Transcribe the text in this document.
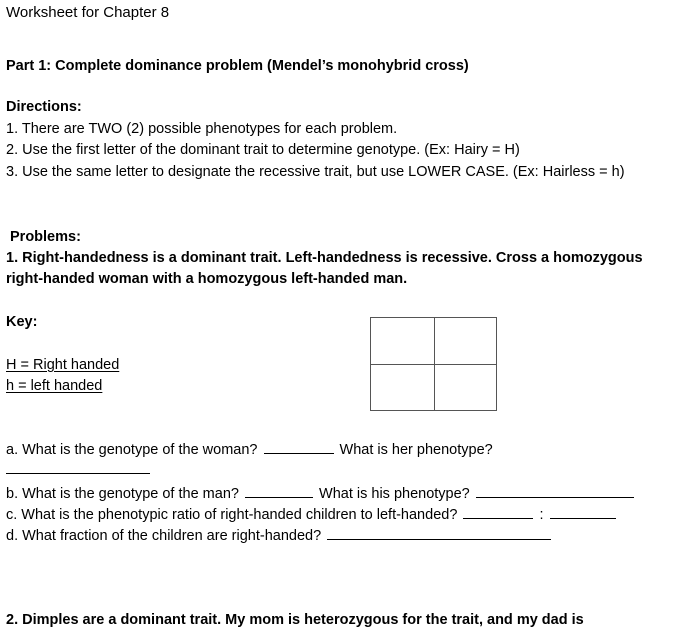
Worksheet for Chapter 8
Part 1: Complete dominance problem (Mendel’s monohybrid cross)
Directions:
1. There are TWO (2) possible phenotypes for each problem.
2. Use the first letter of the dominant trait to determine genotype. (Ex: Hairy = H)
3. Use the same letter to designate the recessive trait, but use LOWER CASE. (Ex: Hairless = h)
Problems:
1. Right-handedness is a dominant trait. Left-handedness is recessive. Cross a homozygous
right-handed woman with a homozygous left-handed man.
Key:
H = Right handed
h = left handed
a. What is the genotype of the woman?	What is her phenotype?
b. What is the genotype of the man?	What is his phenotype?
c. What is the phenotypic ratio of right-handed children to left-handed?	:
d. What fraction of the children are right-handed?
2. Dimples are a dominant trait. My mom is heterozygous for the trait, and my dad is
